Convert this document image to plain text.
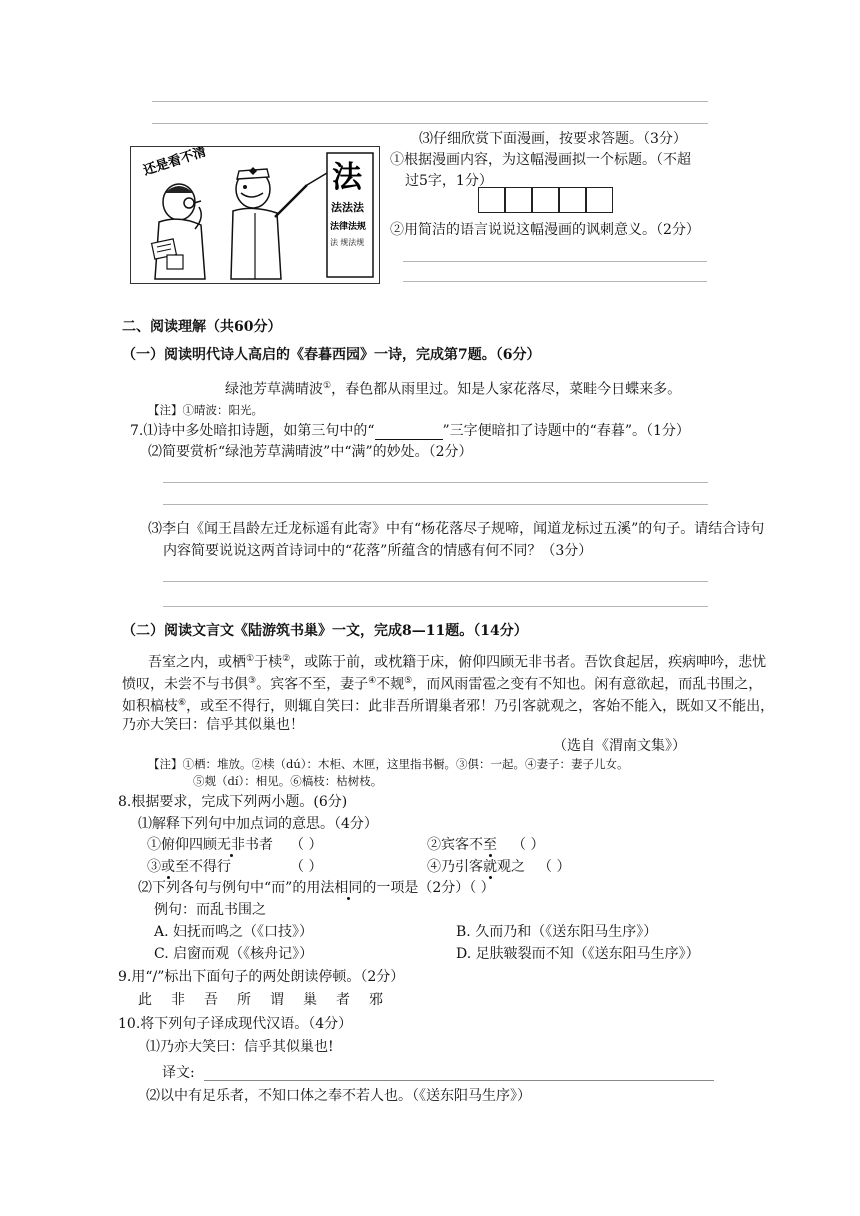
还是看不清	法
法法法
法律法规
法 规法规
⑶仔细欣赏下面漫画，按要求答题。（3分）
①根据漫画内容，为这幅漫画拟一个标题。（不超
过5字，1分）
②用简洁的语言说说这幅漫画的讽刺意义。（2分）
二、阅读理解（共60分）
（一）阅读明代诗人高启的《春暮西园》一诗，完成第7题。（6分）
绿池芳草满晴波①，春色都从雨里过。知是人家花落尽，菜畦今日蝶来多。
【注】①晴波：阳光。
7.⑴诗中多处暗扣诗题，如第三句中的“	”三字便暗扣了诗题中的“春暮”。（1分）
⑵简要赏析“绿池芳草满晴波”中“满”的妙处。（2分）
⑶李白《闻王昌龄左迁龙标遥有此寄》中有“杨花落尽子规啼，闻道龙标过五溪”的句子。请结合诗句
内容简要说说这两首诗词中的“花落”所蕴含的情感有何不同？（3分）
（二）阅读文言文《陆游筑书巢》一文，完成8—11题。（14分）
吾室之内，或栖①于椟②，或陈于前，或枕籍于床，俯仰四顾无非书者。吾饮食起居，疾病呻吟，悲忧
愤叹，未尝不与书俱③。宾客不至，妻子④不觌⑤，而风雨雷雹之变有不知也。闲有意欲起，而乱书围之，
如积槁枝⑥，或至不得行，则辄自笑曰：此非吾所谓巢者邪！乃引客就观之，客始不能入，既如又不能出，
乃亦大笑曰：信乎其似巢也！
（选自《渭南文集》）
【注】①栖：堆放。②椟（dú）：木柜、木匣，这里指书橱。③俱：一起。④妻子：妻子儿女。
⑤觌（dí）：相见。⑥槁枝：枯树枝。
8.根据要求，完成下列两小题。(6分)
⑴解释下列句中加点词的意思。（4分）
①俯仰四顾无非书者 （ ）	②宾客不至 （ ）
③或至不得行	（ ）	④乃引客就观之 （ ）
⑵下列各句与例句中“而”的用法相同的一项是（2分）（ ）
例句：而乱书围之
A. 妇抚而鸣之（《口技》）	B. 久而乃和（《送东阳马生序》）
C. 启窗而观（《核舟记》）	D. 足肤皲裂而不知（《送东阳马生序》）
9.用“/”标出下面句子的两处朗读停顿。（2分）
此 非 吾 所 谓 巢 者 邪
10.将下列句子译成现代汉语。（4分）
⑴乃亦大笑曰：信乎其似巢也!
译文:
⑵以中有足乐者，不知口体之奉不若人也。（《送东阳马生序》）
